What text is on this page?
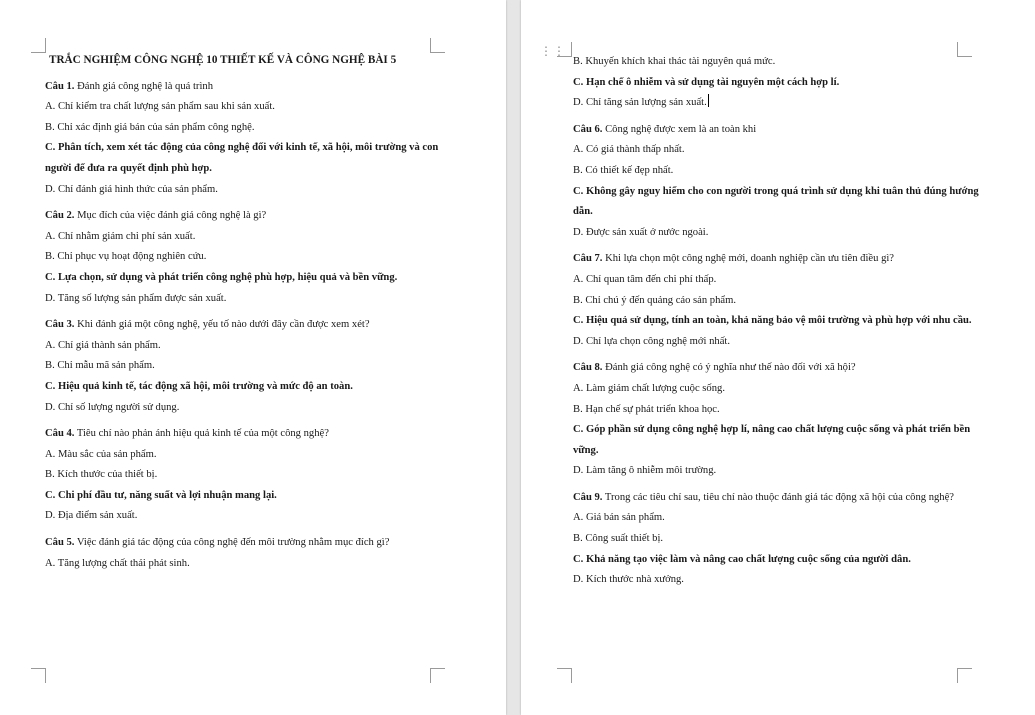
TRẮC NGHIỆM CÔNG NGHỆ 10 THIẾT KẾ VÀ CÔNG NGHỆ BÀI 5
Câu 1. Đánh giá công nghệ là quá trình
A. Chỉ kiểm tra chất lượng sản phẩm sau khi sản xuất.
B. Chỉ xác định giá bán của sản phẩm công nghệ.
C. Phân tích, xem xét tác động của công nghệ đối với kinh tế, xã hội, môi trường và con người để đưa ra quyết định phù hợp.
D. Chỉ đánh giá hình thức của sản phẩm.
Câu 2. Mục đích của việc đánh giá công nghệ là gì?
A. Chỉ nhằm giảm chi phí sản xuất.
B. Chỉ phục vụ hoạt động nghiên cứu.
C. Lựa chọn, sử dụng và phát triển công nghệ phù hợp, hiệu quả và bền vững.
D. Tăng số lượng sản phẩm được sản xuất.
Câu 3. Khi đánh giá một công nghệ, yếu tố nào dưới đây cần được xem xét?
A. Chỉ giá thành sản phẩm.
B. Chỉ mẫu mã sản phẩm.
C. Hiệu quả kinh tế, tác động xã hội, môi trường và mức độ an toàn.
D. Chỉ số lượng người sử dụng.
Câu 4. Tiêu chí nào phản ánh hiệu quả kinh tế của một công nghệ?
A. Màu sắc của sản phẩm.
B. Kích thước của thiết bị.
C. Chi phí đầu tư, năng suất và lợi nhuận mang lại.
D. Địa điểm sản xuất.
Câu 5. Việc đánh giá tác động của công nghệ đến môi trường nhằm mục đích gì?
A. Tăng lượng chất thải phát sinh.
⋮⋮
B. Khuyến khích khai thác tài nguyên quá mức.
C. Hạn chế ô nhiễm và sử dụng tài nguyên một cách hợp lí.
D. Chỉ tăng sản lượng sản xuất.
Câu 6. Công nghệ được xem là an toàn khi
A. Có giá thành thấp nhất.
B. Có thiết kế đẹp nhất.
C. Không gây nguy hiểm cho con người trong quá trình sử dụng khi tuân thủ đúng hướng dẫn.
D. Được sản xuất ở nước ngoài.
Câu 7. Khi lựa chọn một công nghệ mới, doanh nghiệp cần ưu tiên điều gì?
A. Chỉ quan tâm đến chi phí thấp.
B. Chỉ chú ý đến quảng cáo sản phẩm.
C. Hiệu quả sử dụng, tính an toàn, khả năng bảo vệ môi trường và phù hợp với nhu cầu.
D. Chỉ lựa chọn công nghệ mới nhất.
Câu 8. Đánh giá công nghệ có ý nghĩa như thế nào đối với xã hội?
A. Làm giảm chất lượng cuộc sống.
B. Hạn chế sự phát triển khoa học.
C. Góp phần sử dụng công nghệ hợp lí, nâng cao chất lượng cuộc sống và phát triển bền vững.
D. Làm tăng ô nhiễm môi trường.
Câu 9. Trong các tiêu chí sau, tiêu chí nào thuộc đánh giá tác động xã hội của công nghệ?
A. Giá bán sản phẩm.
B. Công suất thiết bị.
C. Khả năng tạo việc làm và nâng cao chất lượng cuộc sống của người dân.
D. Kích thước nhà xưởng.
